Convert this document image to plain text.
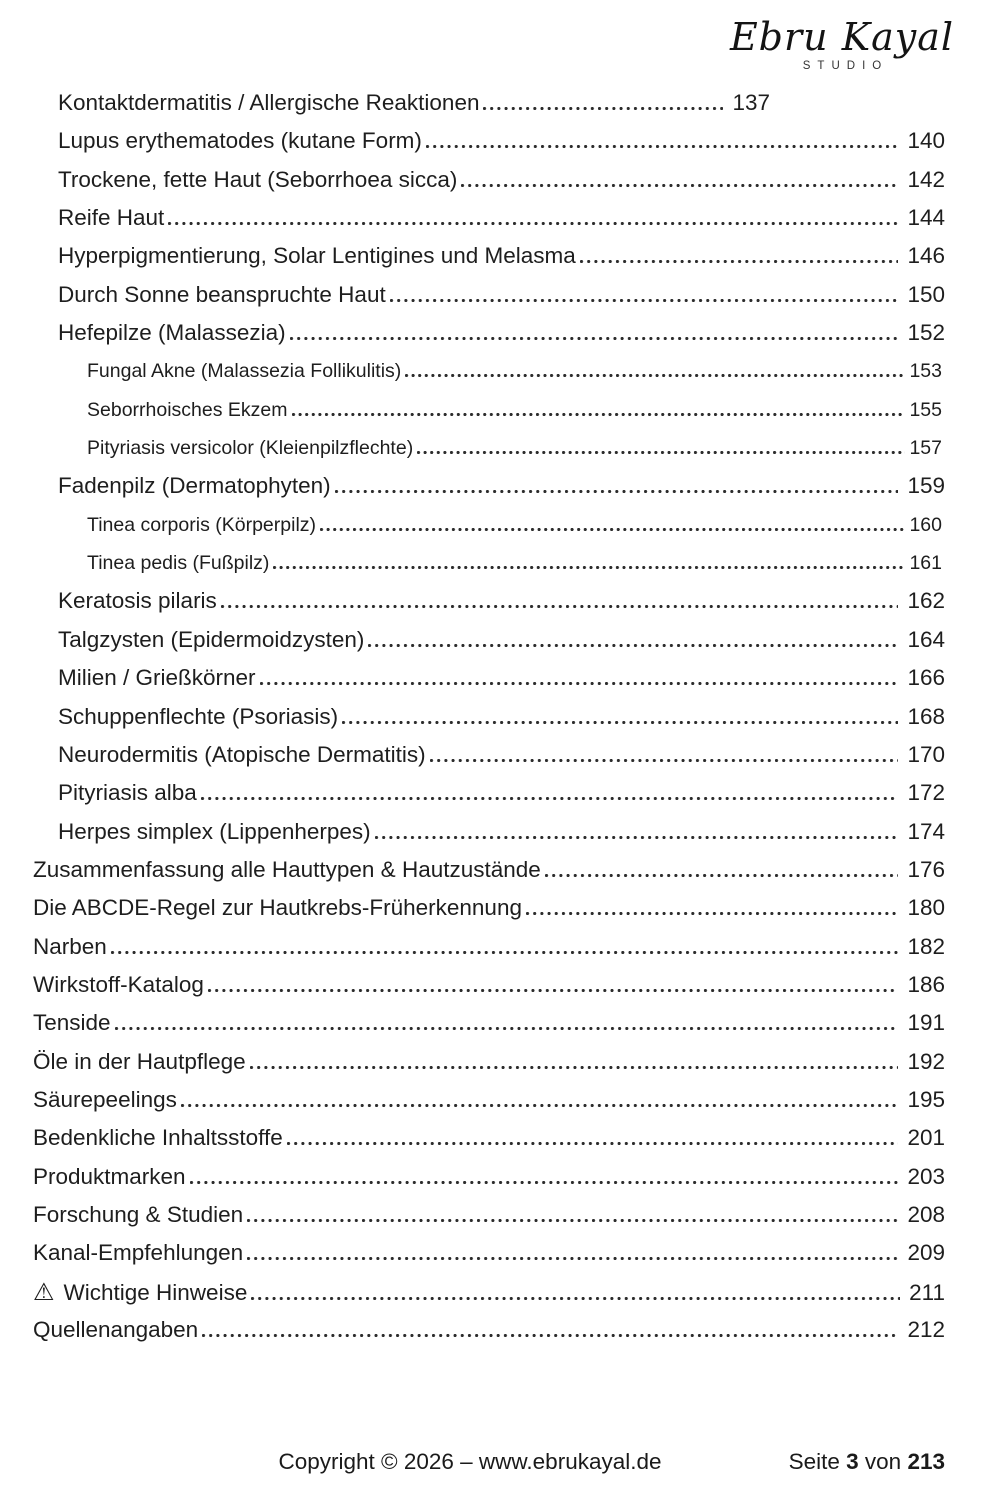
Ebru Kayal
STUDIO
Kontaktdermatitis / Allergische Reaktionen	137
Lupus erythematodes (kutane Form)	140
Trockene, fette Haut (Seborrhoea sicca)	142
Reife Haut	144
Hyperpigmentierung, Solar Lentigines und Melasma	146
Durch Sonne beanspruchte Haut	150
Hefepilze (Malassezia)	152
Fungal Akne (Malassezia Follikulitis)	153
Seborrhoisches Ekzem	155
Pityriasis versicolor (Kleienpilzflechte)	157
Fadenpilz (Dermatophyten)	159
Tinea corporis (Körperpilz)	160
Tinea pedis (Fußpilz)	161
Keratosis pilaris	162
Talgzysten (Epidermoidzysten)	164
Milien / Grießkörner	166
Schuppenflechte (Psoriasis)	168
Neurodermitis (Atopische Dermatitis)	170
Pityriasis alba	172
Herpes simplex (Lippenherpes)	174
Zusammenfassung alle Hauttypen & Hautzustände	176
Die ABCDE-Regel zur Hautkrebs-Früherkennung	180
Narben	182
Wirkstoff-Katalog	186
Tenside	191
Öle in der Hautpflege	192
Säurepeelings	195
Bedenkliche Inhaltsstoffe	201
Produktmarken	203
Forschung & Studien	208
Kanal-Empfehlungen	209
⚠ Wichtige Hinweise	211
Quellenangaben	212
Copyright © 2026 – www.ebrukayal.de	Seite 3 von 213
